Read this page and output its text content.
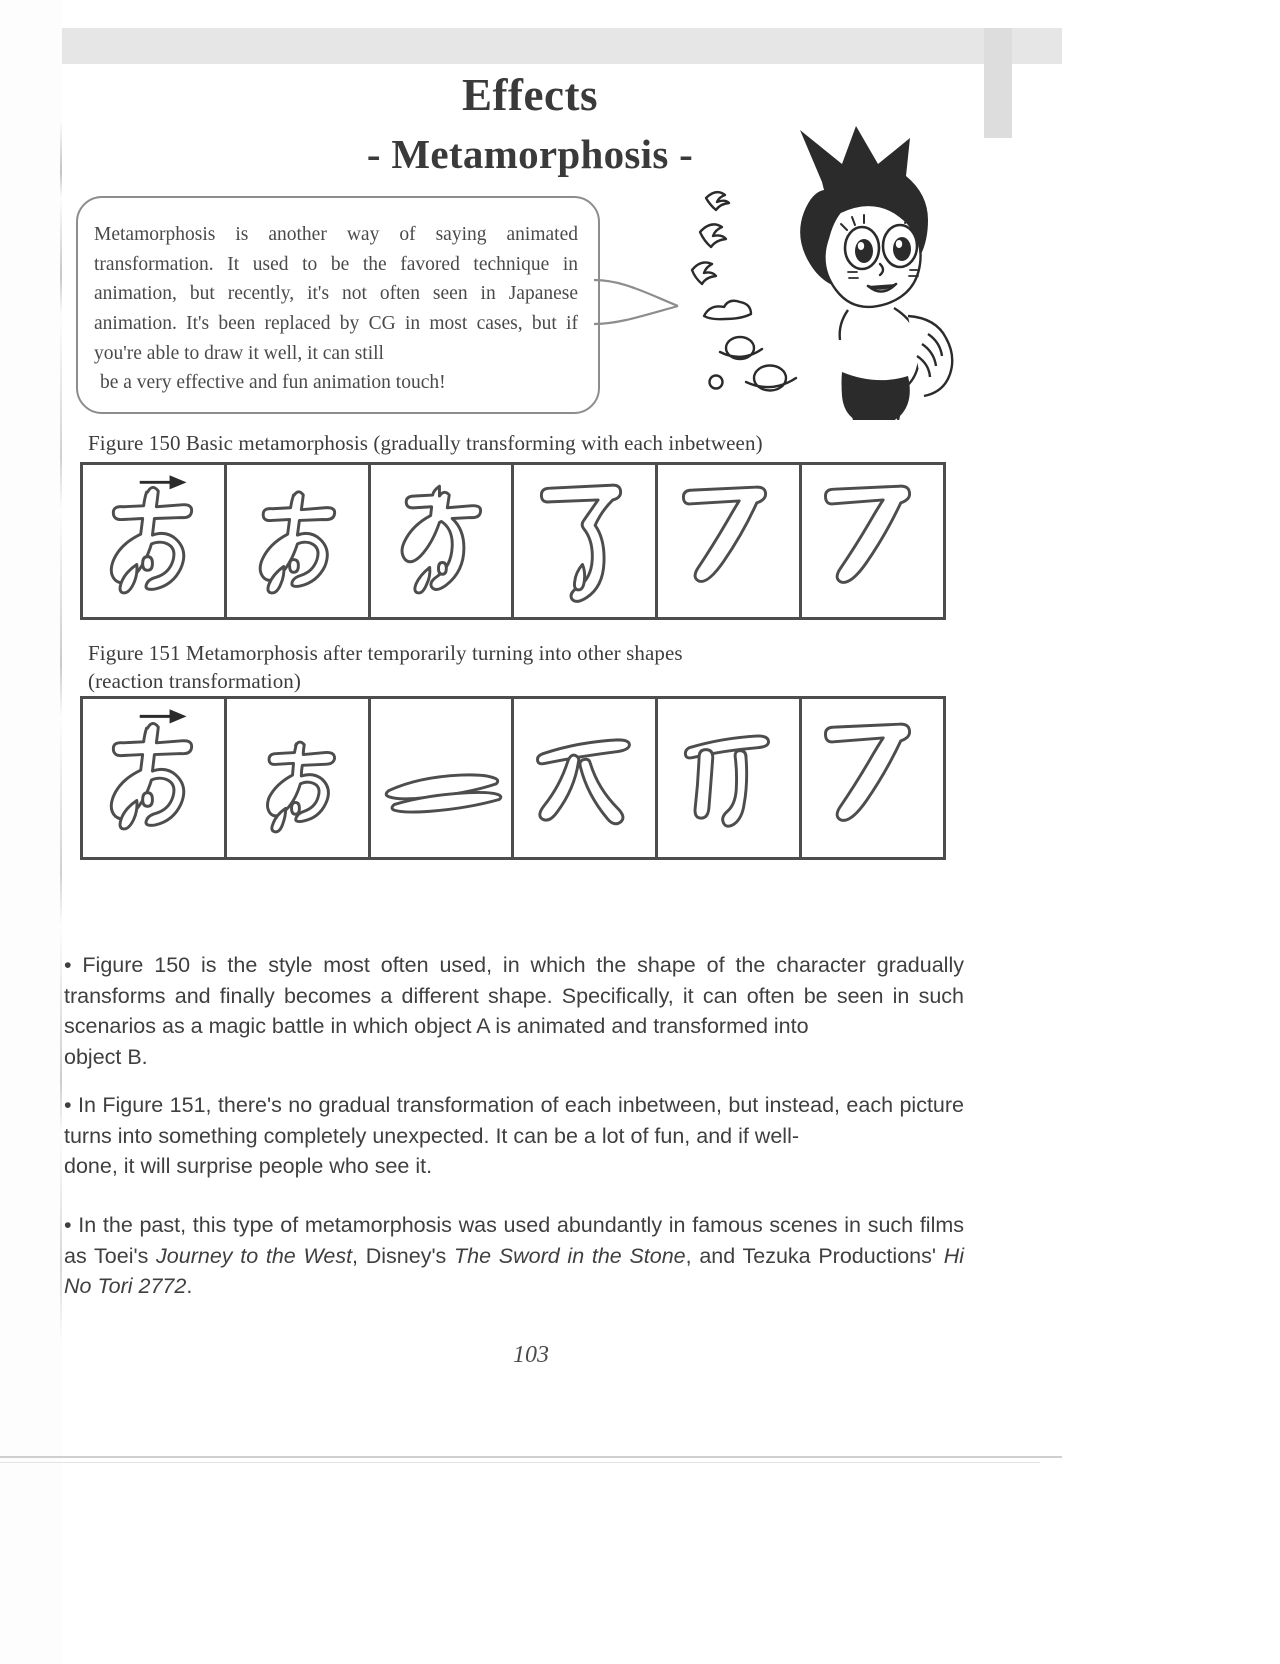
Effects
- Metamorphosis -
Metamorphosis is another way of saying animated transformation. It used to be the favored technique in animation, but recently, it's not often seen in Japanese animation. It's been replaced by CG in most cases, but if you're able to draw it well, it can still
be a very effective and fun animation touch!
Figure 150 Basic metamorphosis (gradually transforming with each inbetween)
Figure 151 Metamorphosis after temporarily turning into other shapes
(reaction transformation)
• Figure 150 is the style most often used, in which the shape of the character gradually transforms and finally becomes a different shape. Specifically, it can often be seen in such scenarios as a magic battle in which object A is animated and transformed into
object B.
• In Figure 151, there's no gradual transformation of each inbetween, but instead, each picture turns into something completely unexpected. It can be a lot of fun, and if well-
done, it will surprise people who see it.
• In the past, this type of metamorphosis was used abundantly in famous scenes in such films as Toei's Journey to the West, Disney's The Sword in the Stone, and Tezuka Productions' Hi No Tori 2772.
103
